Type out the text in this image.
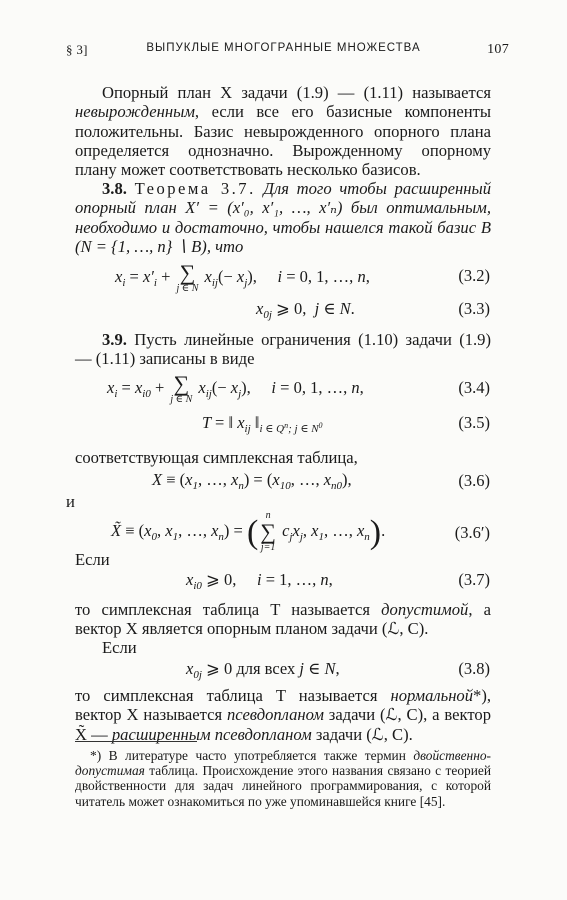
§ 3]	ВЫПУКЛЫЕ МНОГОГРАННЫЕ МНОЖЕСТВА	107
Опорный план X задачи (1.9) — (1.11) называется невырожденным, если все его базисные компоненты положительны. Базис невырожденного опорного плана определяется однозначно. Вырожденному опорному плану может соответствовать несколько базисов.
3.8. Теорема 3.7. Для того чтобы расширенный опорный план X′ = (x′₀, x′₁, …, x′ₙ) был оптимальным, необходимо и достаточно, чтобы нашелся такой базис B (N = {1, …, n} ∖ B), что
$x_i = x'_i$ + ∑
j ∈ N
$x_{ij}(- x_j)$,     i = 0, 1, …, n,	(3.2)
$x_{0j}$ ⩾ 0,  j ∈ N.	(3.3)
3.9. Пусть линейные ограничения (1.10) задачи (1.9) — (1.11) записаны в виде
$x_i = x_{i0}$ + ∑
j ∈ N
$x_{ij}(- x_j)$,     i = 0, 1, …, n,	(3.4)
T = ‖ $x_{ij}$ $‖_{i \in Q^n; j \in N^0}$	(3.5)
соответствующая симплексная таблица,
$X \equiv (x_1$, …, $x_n) = (x_{10}$, …, $x_{n0}$),	(3.6)
и
X̃ ≡ ($x_0$, $x_1$, …, $x_n$) = ( n
∑
j=1
$c_jx_j$, $x_1$, …, $x_n$).	(3.6′)
Если
$x_{i0}$ ⩾ 0,     i = 1, …, n,	(3.7)
то симплексная таблица T называется допустимой, а вектор X является опорным планом задачи (ℒ, C).
Если
$x_{0j}$ ⩾ 0 для всех j ∈ N,	(3.8)
то симплексная таблица T называется нормальной*), вектор X называется псевдопланом задачи (ℒ, C), а вектор X̃ — расширенным псевдопланом задачи (ℒ, C).
*) В литературе часто употребляется также термин двойственно-допустимая таблица. Происхождение этого названия связано с теорией двойственности для задач линейного программирования, с которой читатель может ознакомиться по уже упоминавшейся книге [45].
